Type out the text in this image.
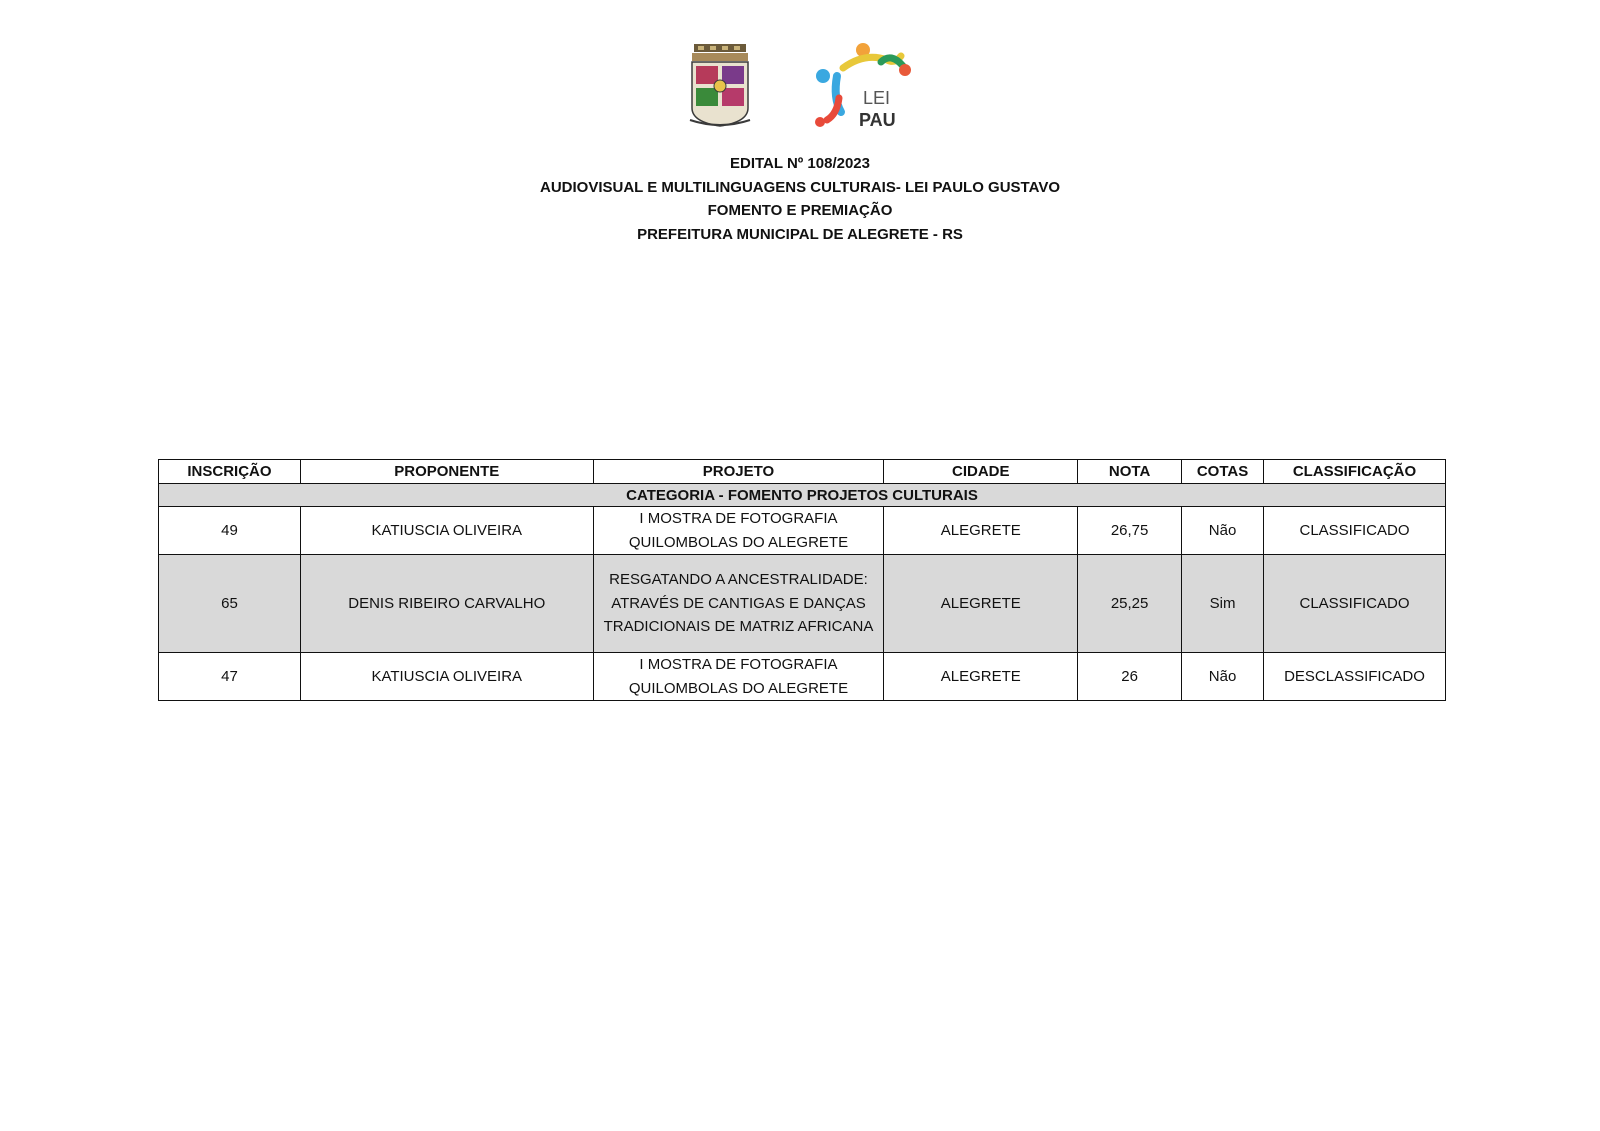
LEI
PAU
EDITAL Nº 108/2023
AUDIOVISUAL E MULTILINGUAGENS CULTURAIS- LEI PAULO GUSTAVO
FOMENTO E PREMIAÇÃO
PREFEITURA MUNICIPAL DE ALEGRETE - RS
INSCRIÇÃO	PROPONENTE	PROJETO	CIDADE	NOTA	COTAS	CLASSIFICAÇÃO
CATEGORIA - FOMENTO PROJETOS CULTURAIS						
49	KATIUSCIA OLIVEIRA	I MOSTRA DE FOTOGRAFIA
QUILOMBOLAS DO ALEGRETE	ALEGRETE	26,75	Não	CLASSIFICADO
65	DENIS RIBEIRO CARVALHO	RESGATANDO A ANCESTRALIDADE:
ATRAVÉS DE CANTIGAS E DANÇAS
TRADICIONAIS DE MATRIZ AFRICANA	ALEGRETE	25,25	Sim	CLASSIFICADO
47	KATIUSCIA OLIVEIRA	I MOSTRA DE FOTOGRAFIA
QUILOMBOLAS DO ALEGRETE	ALEGRETE	26	Não	DESCLASSIFICADO
